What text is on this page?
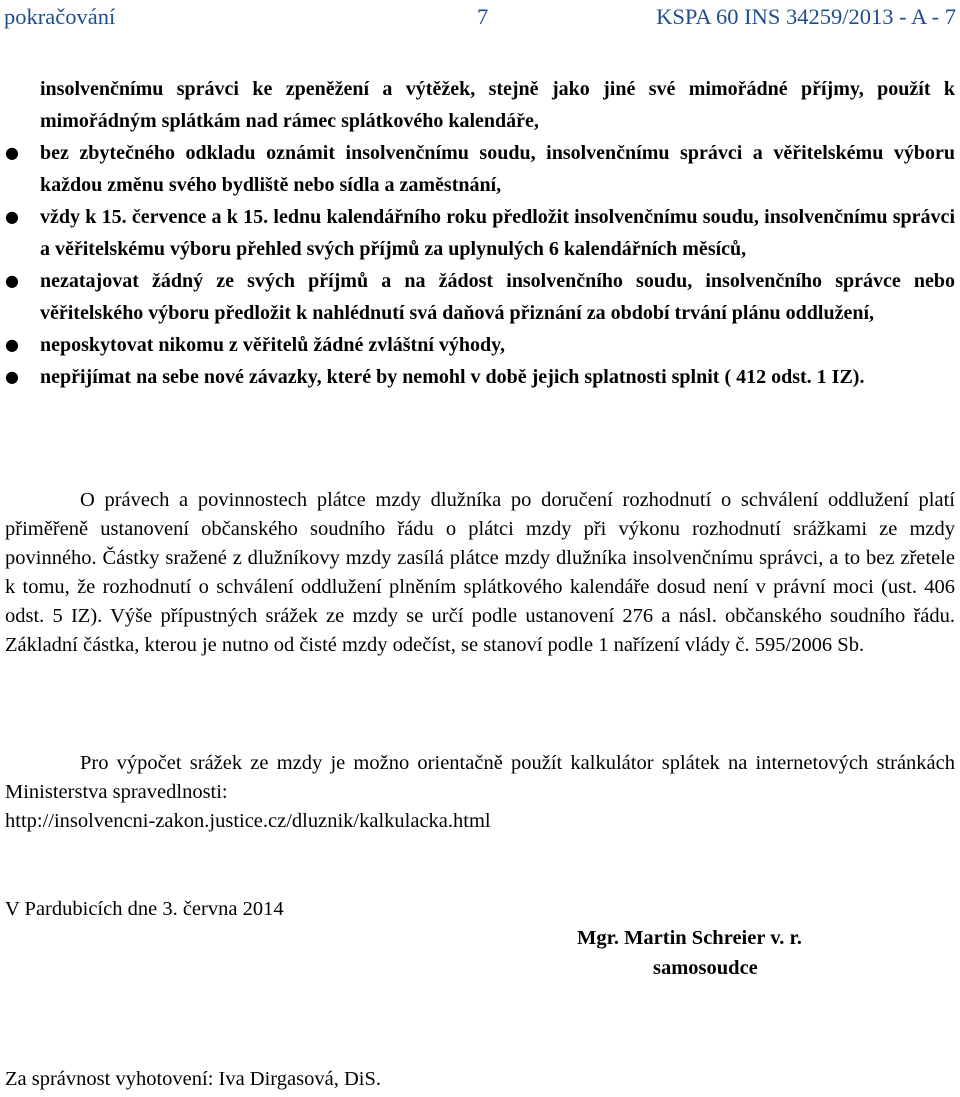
pokračování	7	KSPA 60 INS 34259/2013 - A - 7

insolvenčnímu správci ke zpeněžení a výtěžek, stejně jako jiné své mimořádné příjmy, použít k mimořádným splátkám nad rámec splátkového kalendáře,

● bez zbytečného odkladu oznámit insolvenčnímu soudu, insolvenčnímu správci a věřitelskému výboru každou změnu svého bydliště nebo sídla a zaměstnání,

● vždy k 15. července a k 15. lednu kalendářního roku předložit insolvenčnímu soudu, insolvenčnímu správci a věřitelskému výboru přehled svých příjmů za uplynulých 6 kalendářních měsíců,

● nezatajovat žádný ze svých příjmů a na žádost insolvenčního soudu, insolvenčního správce nebo věřitelského výboru předložit k nahlédnutí svá daňová přiznání za období trvání plánu oddlužení,

● neposkytovat nikomu z věřitelů žádné zvláštní výhody,

● nepřijímat na sebe nové závazky, které by nemohl v době jejich splatnosti splnit ( 412 odst. 1 IZ).

O právech a povinnostech plátce mzdy dlužníka po doručení rozhodnutí o schválení oddlužení platí přiměřeně ustanovení občanského soudního řádu o plátci mzdy při výkonu rozhodnutí srážkami ze mzdy povinného. Částky sražené z dlužníkovy mzdy zasílá plátce mzdy dlužníka insolvenčnímu správci, a to bez zřetele k tomu, že rozhodnutí o schválení oddlužení plněním splátkového kalendáře dosud není v právní moci (ust. 406 odst. 5 IZ). Výše přípustných srážek ze mzdy se určí podle ustanovení 276 a násl. občanského soudního řádu. Základní částka, kterou je nutno od čisté mzdy odečíst, se stanoví podle 1 nařízení vlády č. 595/2006 Sb.

Pro výpočet srážek ze mzdy je možno orientačně použít kalkulátor splátek na internetových stránkách Ministerstva spravedlnosti:

http://insolvencni-zakon.justice.cz/dluznik/kalkulacka.html

V Pardubicích dne 3. června 2014

Mgr. Martin Schreier v. r.

samosoudce

Za správnost vyhotovení: Iva Dirgasová, DiS.
